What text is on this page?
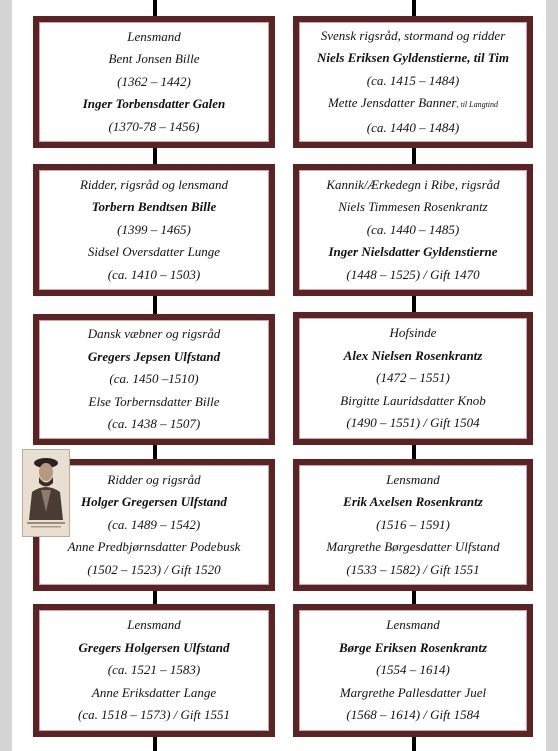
Lensmand
Bent Jonsen Bille
(1362 – 1442)
Inger Torbensdatter Galen
(1370-78 – 1456)
Ridder, rigsråd og lensmand
Torbern Bendtsen Bille
(1399 – 1465)
Sidsel Oversdatter Lunge
(ca. 1410 – 1503)
Dansk væbner og rigsråd
Gregers Jepsen Ulfstand
(ca. 1450 –1510)
Else Torbernsdatter Bille
(ca. 1438 – 1507)
Ridder og rigsråd
Holger Gregersen Ulfstand
(ca. 1489 – 1542)
Anne Predbjørnsdatter Podebusk
(1502 – 1523) / Gift 1520
Lensmand
Gregers Holgersen Ulfstand
(ca. 1521 – 1583)
Anne Eriksdatter Lange
(ca. 1518 – 1573) / Gift 1551
Svensk rigsråd, stormand og ridder
Niels Eriksen Gyldenstierne, til Tim
(ca. 1415 – 1484)
Mette Jensdatter Banner, til Langtind
(ca. 1440 – 1484)
Kannik/Ærkedegn i Ribe, rigsråd
Niels Timmesen Rosenkrantz
(ca. 1440 – 1485)
Inger Nielsdatter Gyldenstierne
(1448 – 1525) / Gift 1470
Hofsinde
Alex Nielsen Rosenkrantz
(1472 – 1551)
Birgitte Lauridsdatter Knob
(1490 – 1551) / Gift 1504
Lensmand
Erik Axelsen Rosenkrantz
(1516 – 1591)
Margrethe Børgesdatter Ulfstand
(1533 – 1582) / Gift 1551
Lensmand
Børge Eriksen Rosenkrantz
(1554 – 1614)
Margrethe Pallesdatter Juel
(1568 – 1614) / Gift 1584
